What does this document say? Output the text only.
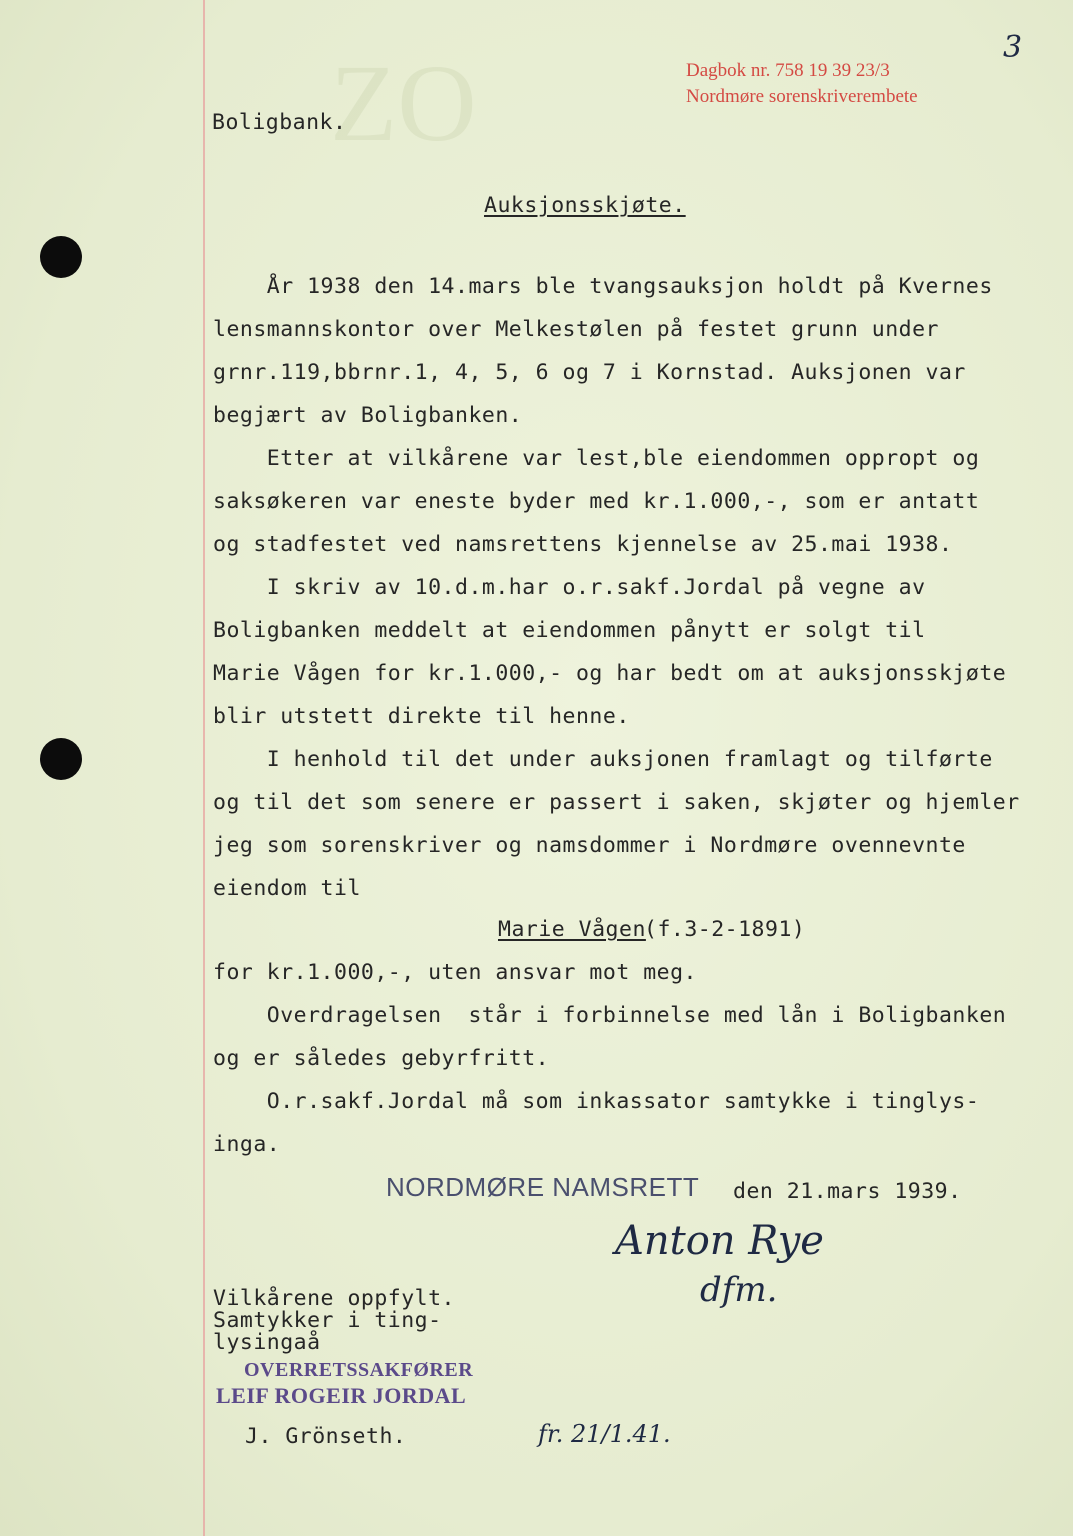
ZO	Dagbok nr. 758 19 39 23/3
Nordmøre sorenskriverembete
3
Boligbank.
Auksjonsskjøte.
År 1938 den 14.mars ble tvangsauksjon holdt på Kvernes
lensmannskontor over Melkestølen på festet grunn under
grnr.119,bbrnr.1, 4, 5, 6 og 7 i Kornstad. Auksjonen var
begjært av Boligbanken.
Etter at vilkårene var lest,ble eiendommen oppropt og
saksøkeren var eneste byder med kr.1.000,-, som er antatt
og stadfestet ved namsrettens kjennelse av 25.mai 1938.
I skriv av 10.d.m.har o.r.sakf.Jordal på vegne av
Boligbanken meddelt at eiendommen pånytt er solgt til
Marie Vågen for kr.1.000,- og har bedt om at auksjonsskjøte
blir utstett direkte til henne.
I henhold til det under auksjonen framlagt og tilførte
og til det som senere er passert i saken, skjøter og hjemler
jeg som sorenskriver og namsdommer i Nordmøre ovennevnte
eiendom til
Marie Vågen
(f.3-2-1891)
for kr.1.000,-, uten ansvar mot meg.
Overdragelsen  står i forbinnelse med lån i Boligbanken
og er således gebyrfritt.
O.r.sakf.Jordal må som inkassator samtykke i tinglys-
inga.
NORDMØRE NAMSRETT den 21.mars 1939.
Anton Rye
dfm.
Vilkårene oppfylt.
Samtykker i ting-
lysingaå
OVERRETSSAKFØRER
LEIF ROGEIR JORDAL
J. Grönseth.	fr. 21/1.41.
